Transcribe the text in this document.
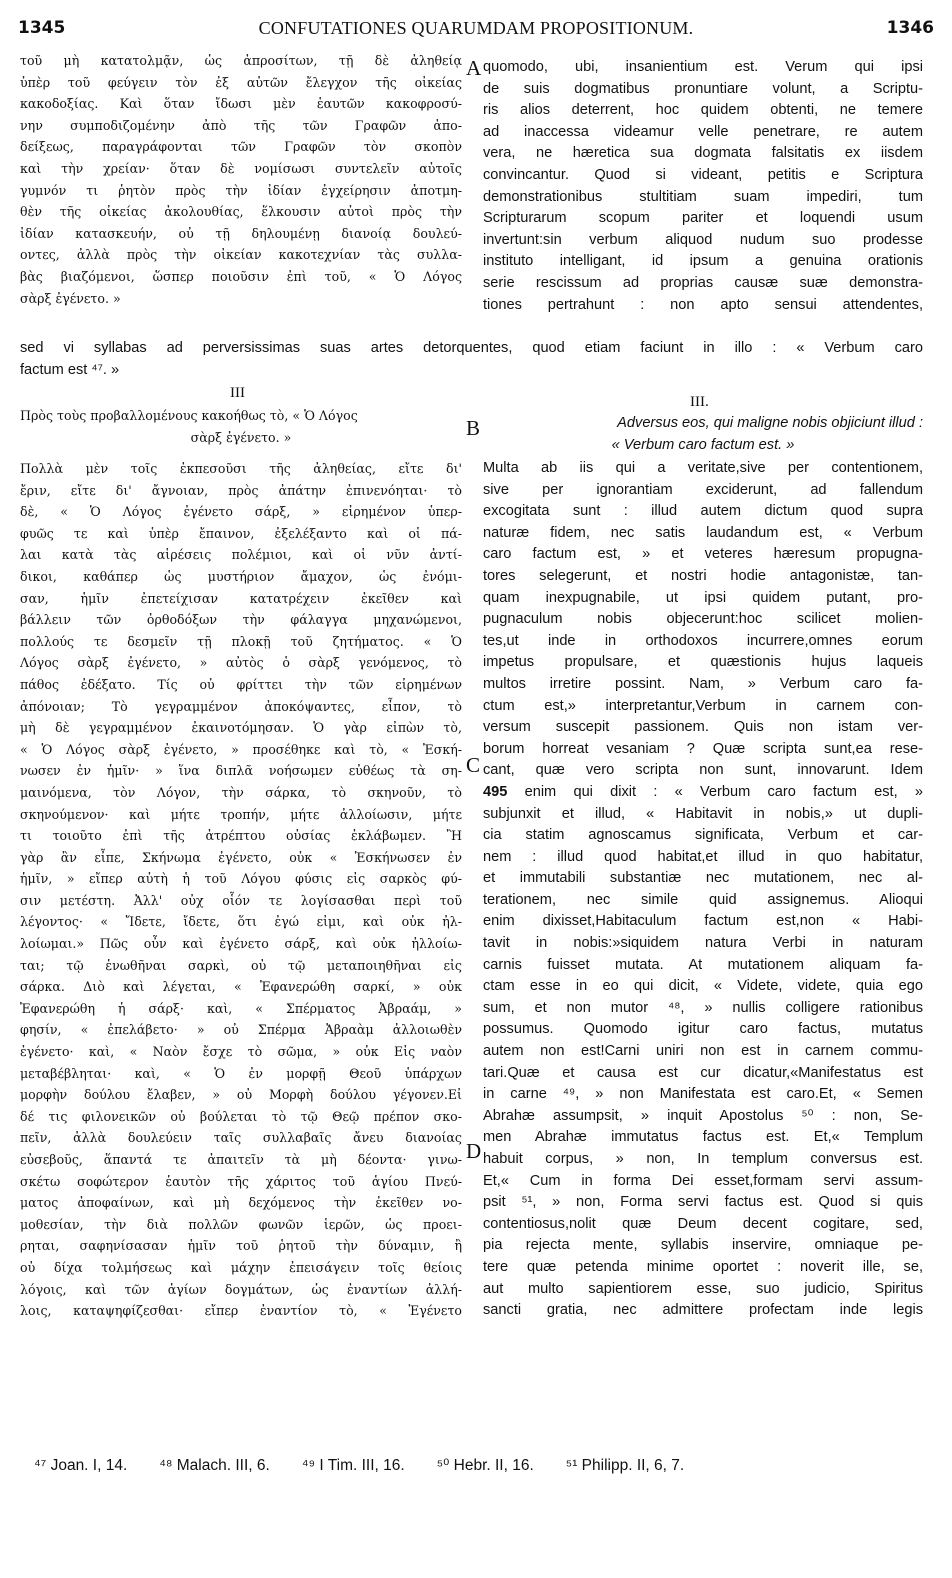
1345	CONFUTATIONES QUARUMDAM PROPOSITIONUM.	1346
τοῦ μὴ κατατολμᾷν, ὡς ἀπροσίτων, τῇ δὲ ἀληθείᾳ
ὑπὲρ τοῦ φεύγειν τὸν ἐξ αὐτῶν ἔλεγχον τῆς οἰκείας
κακοδοξίας. Καὶ ὅταν ἴδωσι μὲν ἑαυτῶν κακοφροσύ-
νην συμποδιζομένην ἀπὸ τῆς τῶν Γραφῶν ἀπο-
δείξεως, παραγράφονται τῶν Γραφῶν τὸν σκοπὸν
καὶ τὴν χρείαν· ὅταν δὲ νομίσωσι συντελεῖν αὐτοῖς
γυμνόν τι ῥητὸν πρὸς τὴν ἰδίαν ἐγχείρησιν ἀποτμη-
θὲν τῆς οἰκείας ἀκολουθίας, ἕλκουσιν αὐτοὶ πρὸς τὴν
ἰδίαν κατασκευήν, οὐ τῇ δηλουμένῃ διανοίᾳ δουλεύ-
οντες, ἀλλὰ πρὸς τὴν οἰκείαν κακοτεχνίαν τὰς συλλα-
βὰς βιαζόμενοι, ὥσπερ ποιοῦσιν ἐπὶ τοῦ, « Ὁ Λόγος
σὰρξ ἐγένετο. »
quomodo, ubi, insanientium est. Verum qui ipsi
de suis dogmatibus pronuntiare volunt, a Scriptu-
ris alios deterrent, hoc quidem obtenti, ne temere
ad inaccessa videamur velle penetrare, re autem
vera, ne hæretica sua dogmata falsitatis ex iisdem
convincantur. Quod si videant, petitis e Scriptura
demonstrationibus stultitiam suam impediri, tum
Scripturarum scopum pariter et loquendi usum
invertunt:sin verbum aliquod nudum suo prodesse
instituto intelligant, id ipsum a genuina orationis
serie rescissum ad proprias causæ suæ demonstra-
tiones pertrahunt : non apto sensui attendentes,
A
sed vi syllabas ad perversissimas suas artes detorquentes, quod etiam faciunt in illo : « Verbum caro
factum est ⁴⁷. »
III
Πρὸς τοὺς προβαλλομένους κακοήθως τὸ, « Ὁ Λόγος
σὰρξ ἐγένετο. »	B
III.
Adversus eos, qui maligne nobis objiciunt illud :
« Verbum caro factum est. »
Πολλὰ μὲν τοῖς ἐκπεσοῦσι τῆς ἀληθείας, εἴτε δι'
ἔριν, εἴτε δι' ἄγνοιαν, πρὸς ἀπάτην ἐπινενόηται· τὸ
δὲ, « Ὁ Λόγος ἐγένετο σάρξ, » εἰρημένον ὑπερ-
φυῶς τε καὶ ὑπὲρ ἔπαινον, ἐξελέξαντο καὶ οἱ πά-
λαι κατὰ τὰς αἱρέσεις πολέμιοι, καὶ οἱ νῦν ἀντί-
δικοι, καθάπερ ὡς μυστήριον ἄμαχον, ὡς ἐνόμι-
σαν, ἡμῖν ἐπετείχισαν κατατρέχειν ἐκεῖθεν καὶ
βάλλειν τῶν ὀρθοδόξων τὴν φάλαγγα μηχανώμενοι,
πολλούς τε δεσμεῖν τῇ πλοκῇ τοῦ ζητήματος. « Ὁ
Λόγος σὰρξ ἐγένετο, » αὐτὸς ὁ σὰρξ γενόμενος, τὸ
πάθος ἐδέξατο. Τίς οὐ φρίττει τὴν τῶν εἰρημένων
ἀπόνοιαν; Τὸ γεγραμμένον ἀποκόψαντες, εἶπον, τὸ
μὴ δὲ γεγραμμένον ἐκαινοτόμησαν. Ὁ γὰρ εἰπὼν τὸ,
« Ὁ Λόγος σὰρξ ἐγένετο, » προσέθηκε καὶ τὸ, « Ἐσκή-
νωσεν ἐν ἡμῖν· » ἵνα διπλᾶ νοήσωμεν εὐθέως τὰ ση-
μαινόμενα, τὸν Λόγον, τὴν σάρκα, τὸ σκηνοῦν, τὸ
σκηνούμενον· καὶ μήτε τροπήν, μήτε ἀλλοίωσιν, μήτε
τι τοιοῦτο ἐπὶ τῆς ἀτρέπτου οὐσίας ἐκλάβωμεν. Ἢ
γὰρ ἂν εἶπε, Σκήνωμα ἐγένετο, οὐκ « Ἐσκήνωσεν ἐν
ἡμῖν, » εἴπερ αὐτὴ ἡ τοῦ Λόγου φύσις εἰς σαρκὸς φύ-
σιν μετέστη. Ἀλλ' οὐχ οἷόν τε λογίσασθαι περὶ τοῦ
λέγοντος· « Ἴδετε, ἴδετε, ὅτι ἐγώ εἰμι, καὶ οὐκ ἠλ-
λοίωμαι.» Πῶς οὖν καὶ ἐγένετο σάρξ, καὶ οὐκ ἠλλοίω-
ται; τῷ ἑνωθῆναι σαρκὶ, οὐ τῷ μεταποιηθῆναι εἰς
σάρκα. Διὸ καὶ λέγεται, « Ἐφανερώθη σαρκί, » οὐκ
Ἐφανερώθη ἡ σάρξ· καὶ, « Σπέρματος Ἀβραάμ, »
φησίν, « ἐπελάβετο· » οὐ Σπέρμα Ἀβραὰμ ἀλλοιωθὲν
ἐγένετο· καὶ, « Ναὸν ἔσχε τὸ σῶμα, » οὐκ Εἰς ναὸν
μεταβέβληται· καὶ, « Ὁ ἐν μορφῇ Θεοῦ ὑπάρχων
μορφὴν δούλου ἔλαβεν, » οὐ Μορφὴ δούλου γέγονεν.Εἰ
δέ τις φιλονεικῶν οὐ βούλεται τὸ τῷ Θεῷ πρέπον σκο-
πεῖν, ἀλλὰ δουλεύειν ταῖς συλλαβαῖς ἄνευ διανοίας
εὐσεβοῦς, ἅπαντά τε ἀπαιτεῖν τὰ μὴ δέοντα· γινω-
σκέτω σοφώτερον ἑαυτὸν τῆς χάριτος τοῦ ἁγίου Πνεύ-
ματος ἀποφαίνων, καὶ μὴ δεχόμενος τὴν ἐκεῖθεν νο-
μοθεσίαν, τὴν διὰ πολλῶν φωνῶν ἱερῶν, ὡς προει-
ρηται, σαφηνίσασαν ἡμῖν τοῦ ῥητοῦ τὴν δύναμιν, ἢ
οὐ δίχα τολμήσεως καὶ μάχην ἐπεισάγειν τοῖς θείοις
λόγοις, καὶ τῶν ἁγίων δογμάτων, ὡς ἐναντίων ἀλλή-
λοις, καταψηφίζεσθαι· εἴπερ ἐναντίον τὸ, « Ἐγένετο
Multa ab iis qui a veritate,sive per contentionem,
sive per ignorantiam exciderunt, ad fallendum
excogitata sunt : illud autem dictum quod supra
naturæ fidem, nec satis laudandum est, « Verbum
caro factum est, » et veteres hæresum propugna-
tores selegerunt, et nostri hodie antagonistæ, tan-
quam inexpugnabile, ut ipsi quidem putant, pro-
pugnaculum nobis objecerunt:hoc scilicet molien-
tes,ut inde in orthodoxos incurrere,omnes eorum
impetus propulsare, et quæstionis hujus laqueis
multos irretire possint. Nam, » Verbum caro fa-
ctum est,» interpretantur,Verbum in carnem con-
versum suscepit passionem. Quis non istam ver-
borum horreat vesaniam ? Quæ scripta sunt,ea rese-
cant, quæ vero scripta non sunt, innovarunt. Idem
495 enim qui dixit : « Verbum caro factum est, »
subjunxit et illud, « Habitavit in nobis,» ut dupli-
cia statim agnoscamus significata, Verbum et car-
nem : illud quod habitat,et illud in quo habitatur,
et immutabili substantiæ nec mutationem, nec al-
terationem, nec simile quid assignemus. Alioqui
enim dixisset,Habitaculum factum est,non « Habi-
tavit in nobis:»siquidem natura Verbi in naturam
carnis fuisset mutata. At mutationem aliquam fa-
ctam esse in eo qui dicit, « Videte, videte, quia ego
sum, et non mutor ⁴⁸, » nullis colligere rationibus
possumus. Quomodo igitur caro factus, mutatus
autem non est!Carni uniri non est in carnem commu-
tari.Quæ et causa est cur dicatur,«Manifestatus est
in carne ⁴⁹, » non Manifestata est caro.Et, « Semen
Abrahæ assumpsit, » inquit Apostolus ⁵⁰ : non, Se-
men Abrahæ immutatus factus est. Et,« Templum
habuit corpus, » non, In templum conversus est.
Et,« Cum in forma Dei esset,formam servi assum-
psit ⁵¹, » non, Forma servi factus est. Quod si quis
contentiosus,nolit quæ Deum decent cogitare, sed,
pia rejecta mente, syllabis inservire, omniaque pe-
tere quæ petenda minime oportet : noverit ille, se,
aut multo sapientiorem esse, suo judicio, Spiritus
sancti gratia, nec admittere profectam inde legis
C
D
⁴⁷ Joan. I, 14. ⁴⁸ Malach. III, 6. ⁴⁹ I Tim. III, 16. ⁵⁰ Hebr. II, 16. ⁵¹ Philipp. II, 6, 7.
